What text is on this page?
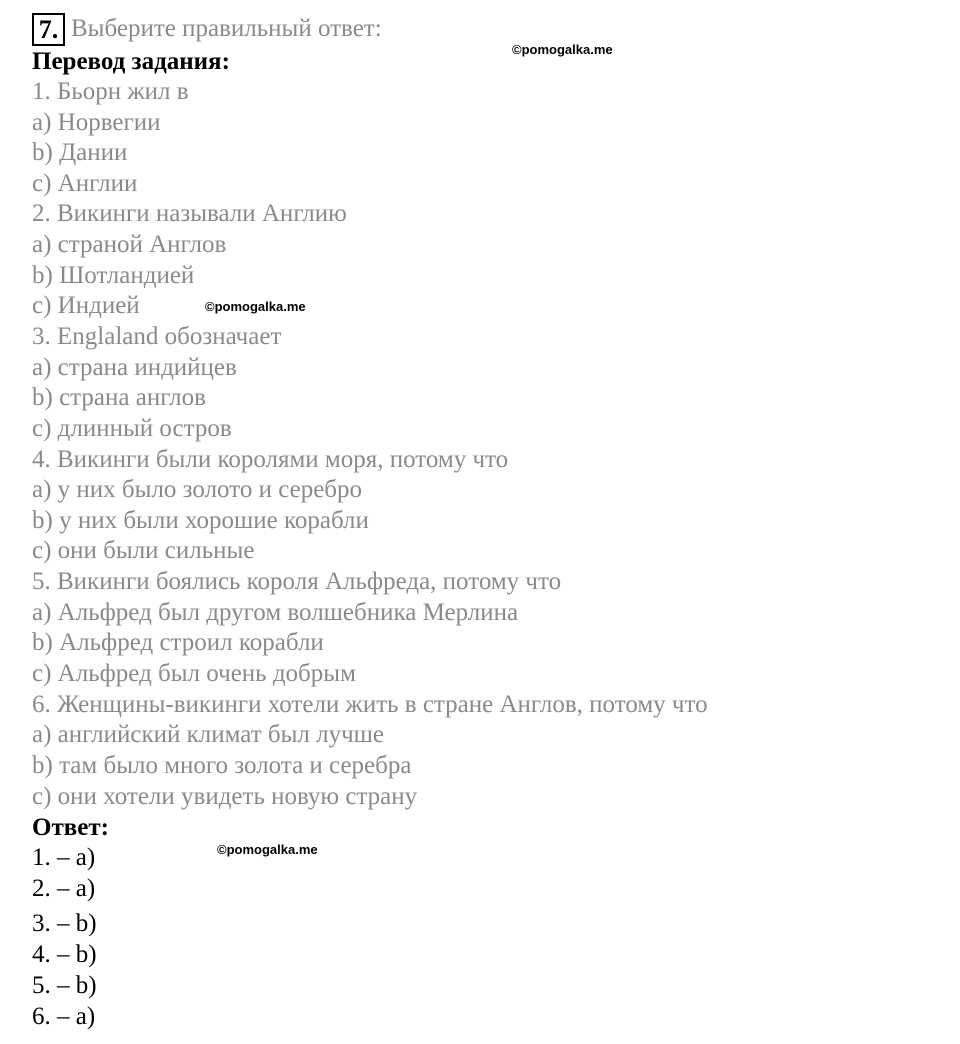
7. Выберите правильный ответ:
Перевод задания:
1. Бьорн жил в
a) Норвегии
b) Дании
c) Англии
2. Викинги называли Англию
a) страной Англов
b) Шотландией
c) Индией
3. Englaland обозначает
a) страна индийцев
b) страна англов
c) длинный остров
4. Викинги были королями моря, потому что
a) у них было золото и серебро
b) у них были хорошие корабли
c) они были сильные
5. Викинги боялись короля Альфреда, потому что
a) Альфред был другом волшебника Мерлина
b) Альфред строил корабли
c) Альфред был очень добрым
6. Женщины-викинги хотели жить в стране Англов, потому что
a) английский климат был лучше
b) там было много золота и серебра
c) они хотели увидеть новую страну
Ответ:
1. – a)
2. – a)
3. – b)
4. – b)
5. – b)
6. – a)
©pomogalka.me
©pomogalka.me
©pomogalka.me
